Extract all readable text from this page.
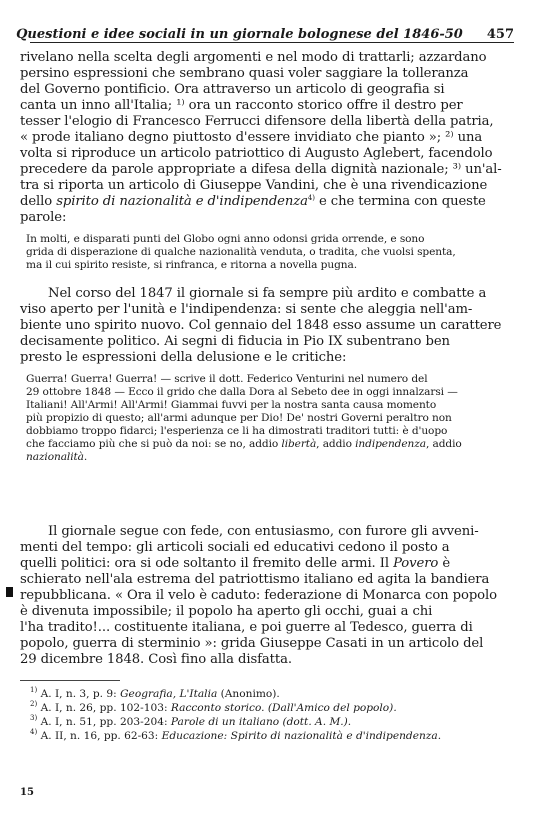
Questioni e idee sociali in un giornale bolognese del 1846-50 457
rivelano nella scelta degli argomenti e nel modo di trattarli; azzardano
persino espressioni che sembrano quasi voler saggiare la tolleranza
del Governo pontificio. Ora attraverso un articolo di geografia si
canta un inno all'Italia; ¹⁾ ora un racconto storico offre il destro per
tesser l'elogio di Francesco Ferrucci difensore della libertà della patria,
« prode italiano degno piuttosto d'essere invidiato che pianto »; ²⁾ una
volta si riproduce un articolo patriottico di Augusto Aglebert, facendolo
precedere da parole appropriate a difesa della dignità nazionale; ³⁾ un'al-
tra si riporta un articolo di Giuseppe Vandini, che è una rivendicazione
dello spirito di nazionalità e d'indipendenza$^{4)}$ e che termina con queste
parole:
In molti, e disparati punti del Globo ogni anno odonsi grida orrende, e sono
grida di disperazione di qualche nazionalità venduta, o tradita, che vuolsi spenta,
ma il cui spirito resiste, si rinfranca, e ritorna a novella pugna.
Nel corso del 1847 il giornale si fa sempre più ardito e combatte a
viso aperto per l'unità e l'indipendenza: si sente che aleggia nell'am-
biente uno spirito nuovo. Col gennaio del 1848 esso assume un carattere
decisamente politico. Ai segni di fiducia in Pio IX subentrano ben
presto le espressioni della delusione e le critiche:
Guerra! Guerra! Guerra! — scrive il dott. Federico Venturini nel numero del
29 ottobre 1848 — Ecco il grido che dalla Dora al Sebeto dee in oggi innalzarsi —
Italiani! All'Armi! All'Armi! Giammai fuvvi per la nostra santa causa momento
più propizio di questo; all'armi adunque per Dio! De' nostri Governi peraltro non
dobbiamo troppo fidarci; l'esperienza ce li ha dimostrati traditori tutti: è d'uopo
che facciamo più che si può da noi: se no, addio libertà, addio indipendenza, addio
nazionalità.
Il giornale segue con fede, con entusiasmo, con furore gli avveni-
menti del tempo: gli articoli sociali ed educativi cedono il posto a
quelli politici: ora si ode soltanto il fremito delle armi. Il Povero è
schierato nell'ala estrema del patriottismo italiano ed agita la bandiera
repubblicana. « Ora il velo è caduto: federazione di Monarca con popolo
è divenuta impossibile; il popolo ha aperto gli occhi, guai a chi
l'ha tradito!... costituente italiana, e poi guerre al Tedesco, guerra di
popolo, guerra di sterminio »: grida Giuseppe Casati in un articolo del
29 dicembre 1848. Così fino alla disfatta.
$^{1)}$ A. I, n. 3, p. 9: Geografia, L'Italia (Anonimo).
$^{2)}$ A. I, n. 26, pp. 102-103: Racconto storico. (Dall'Amico del popolo).
$^{3)}$ A. I, n. 51, pp. 203-204: Parole di un italiano (dott. A. M.).
$^{4)}$ A. II, n. 16, pp. 62-63: Educazione: Spirito di nazionalità e d'indipendenza.
15
